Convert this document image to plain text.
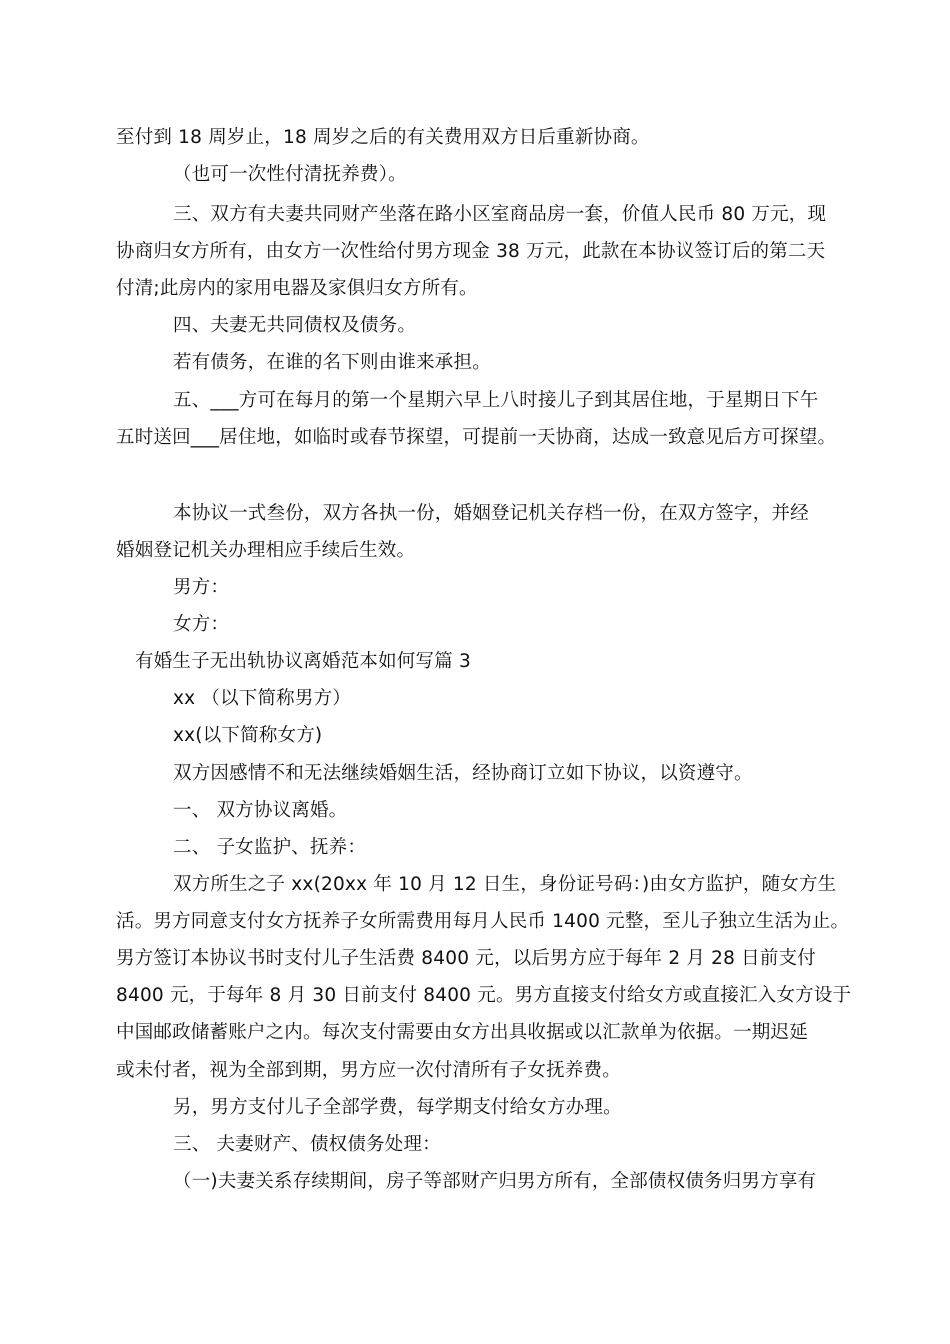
至付到 18 周岁止，18 周岁之后的有关费用双方日后重新协商。
（也可一次性付清抚养费）。
三、双方有夫妻共同财产坐落在路小区室商品房一套，价值人民币 80 万元，现
协商归女方所有，由女方一次性给付男方现金 38 万元，此款在本协议签订后的第二天
付清;此房内的家用电器及家俱归女方所有。
四、夫妻无共同债权及债务。
若有债务，在谁的名下则由谁来承担。
五、___方可在每月的第一个星期六早上八时接儿子到其居住地，于星期日下午
五时送回___居住地，如临时或春节探望，可提前一天协商，达成一致意见后方可探望。
本协议一式叁份，双方各执一份，婚姻登记机关存档一份，在双方签字，并经
婚姻登记机关办理相应手续后生效。
男方：
女方：
有婚生子无出轨协议离婚范本如何写篇 3
xx （以下简称男方）
xx(以下简称女方)
双方因感情不和无法继续婚姻生活，经协商订立如下协议，以资遵守。
一、 双方协议离婚。
二、 子女监护、抚养：
双方所生之子 xx(20xx 年 10 月 12 日生，身份证号码：)由女方监护，随女方生
活。男方同意支付女方抚养子女所需费用每月人民币 1400 元整，至儿子独立生活为止。
男方签订本协议书时支付儿子生活费 8400 元，以后男方应于每年 2 月 28 日前支付
8400 元，于每年 8 月 30 日前支付 8400 元。男方直接支付给女方或直接汇入女方设于
中国邮政储蓄账户之内。每次支付需要由女方出具收据或以汇款单为依据。一期迟延
或未付者，视为全部到期，男方应一次付清所有子女抚养费。
另，男方支付儿子全部学费，每学期支付给女方办理。
三、 夫妻财产、债权债务处理：
（一)夫妻关系存续期间，房子等部财产归男方所有，全部债权债务归男方享有
